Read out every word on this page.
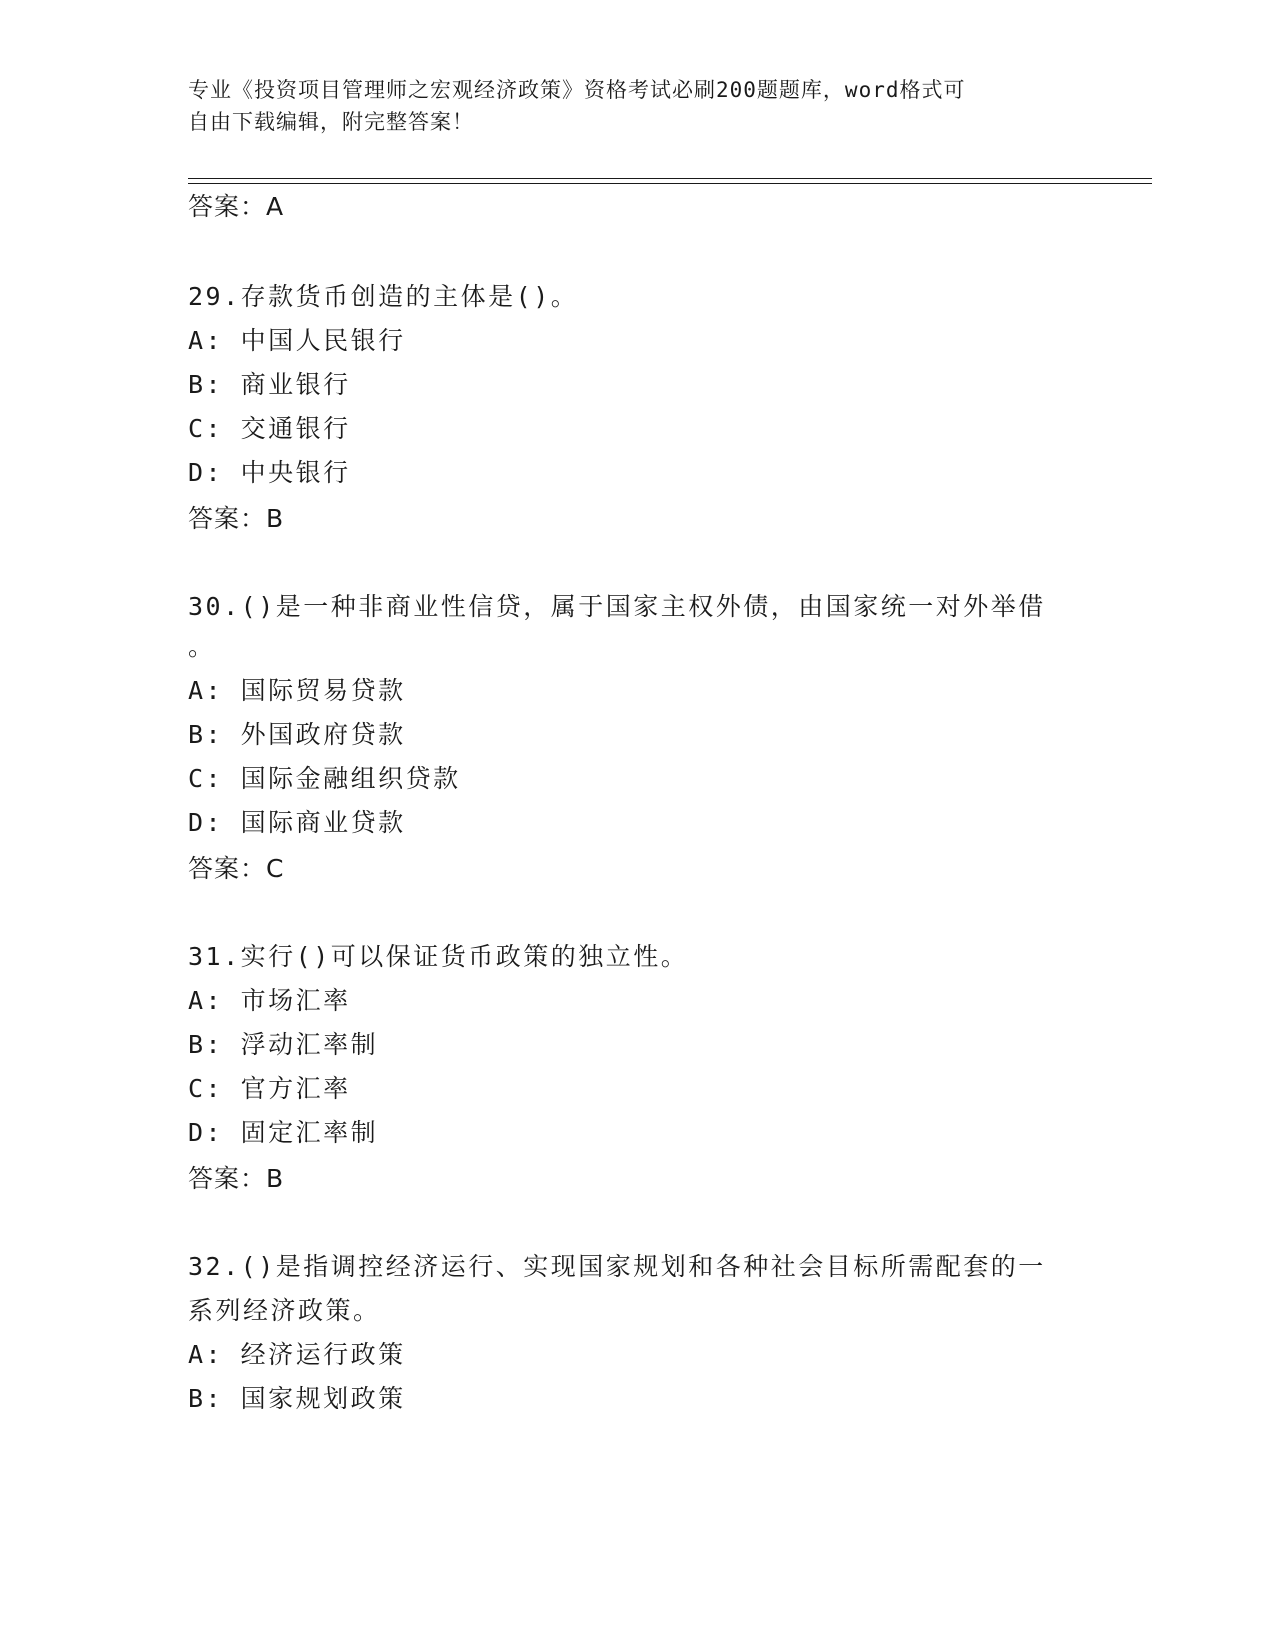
专业《投资项目管理师之宏观经济政策》资格考试必刷200题题库，word格式可
自由下载编辑，附完整答案！
答案：A
29.存款货币创造的主体是()。
A: 中国人民银行
B: 商业银行
C: 交通银行
D: 中央银行
答案：B
30.()是一种非商业性信贷，属于国家主权外债，由国家统一对外举借
。
A: 国际贸易贷款
B: 外国政府贷款
C: 国际金融组织贷款
D: 国际商业贷款
答案：C
31.实行()可以保证货币政策的独立性。
A: 市场汇率
B: 浮动汇率制
C: 官方汇率
D: 固定汇率制
答案：B
32.()是指调控经济运行、实现国家规划和各种社会目标所需配套的一
系列经济政策。
A: 经济运行政策
B: 国家规划政策
